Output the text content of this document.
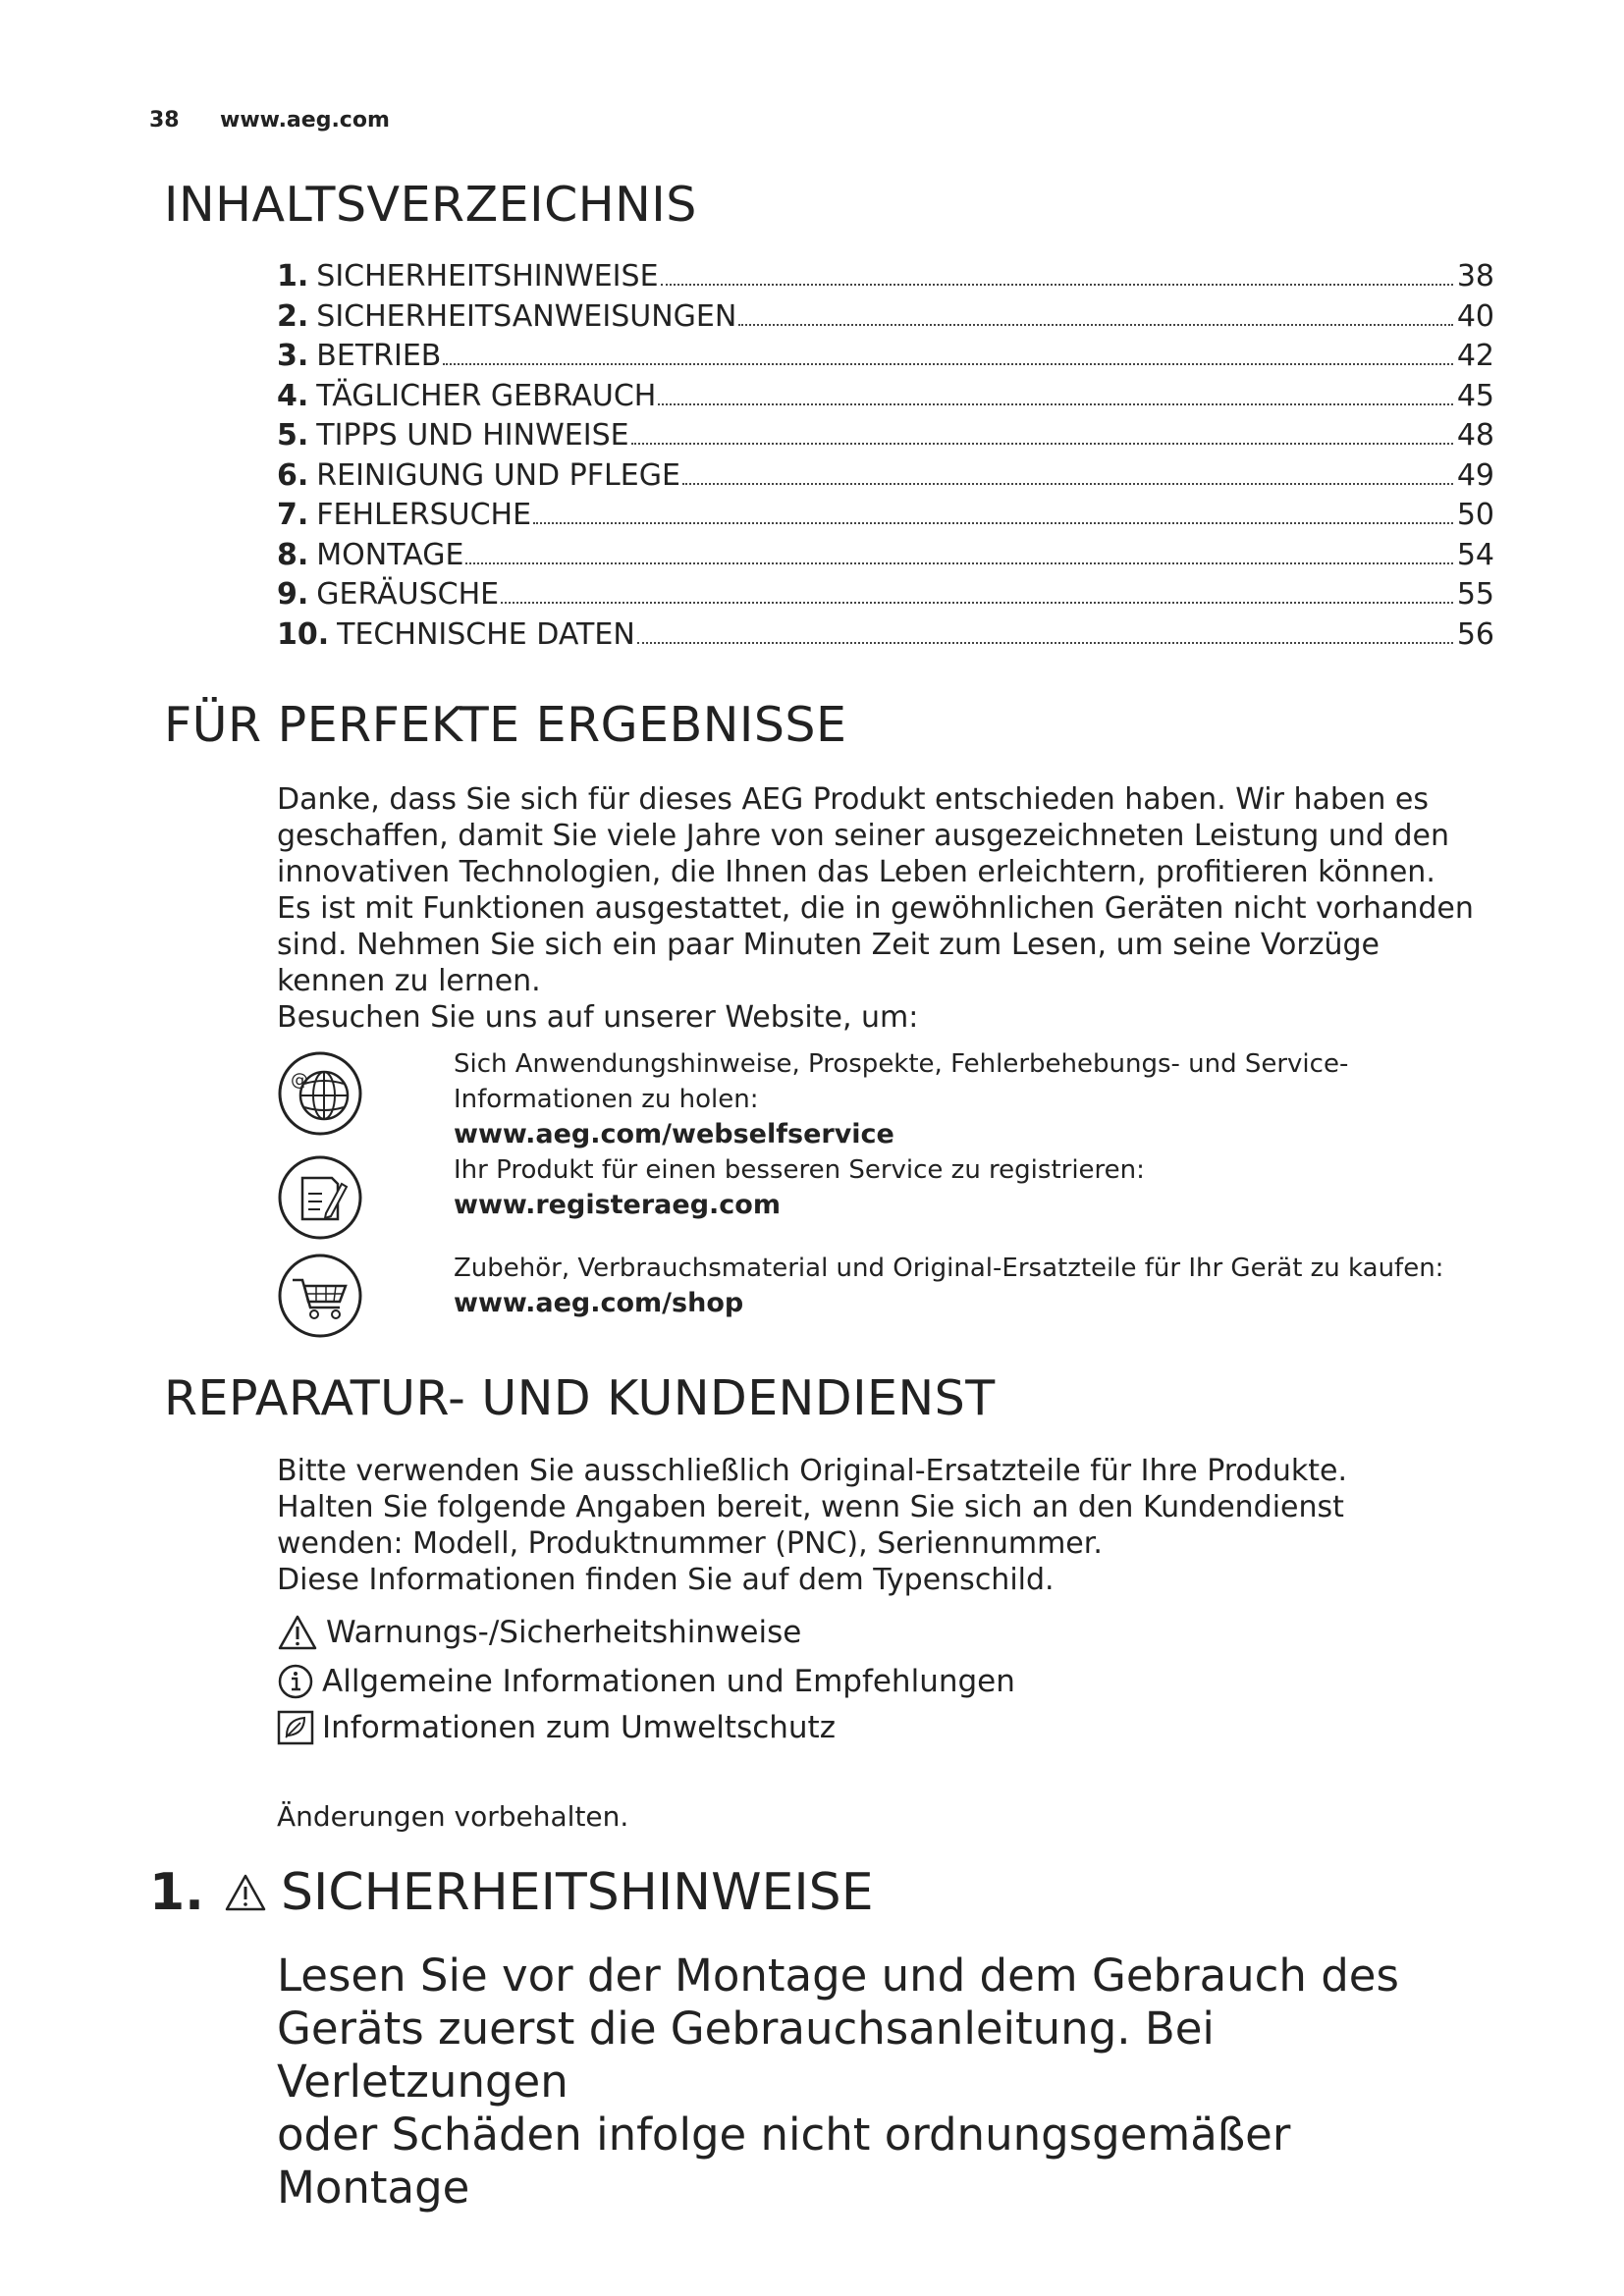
38 www.aeg.com
INHALTSVERZEICHNIS
1. SICHERHEITSHINWEISE	38
2. SICHERHEITSANWEISUNGEN	40
3. BETRIEB	42
4. TÄGLICHER GEBRAUCH	45
5. TIPPS UND HINWEISE	48
6. REINIGUNG UND PFLEGE	49
7. FEHLERSUCHE	50
8. MONTAGE	54
9. GERÄUSCHE	55
10. TECHNISCHE DATEN	56
FÜR PERFEKTE ERGEBNISSE

Danke, dass Sie sich für dieses AEG Produkt entschieden haben. Wir haben es

geschaffen, damit Sie viele Jahre von seiner ausgezeichneten Leistung und den

innovativen Technologien, die Ihnen das Leben erleichtern, profitieren können.

Es ist mit Funktionen ausgestattet, die in gewöhnlichen Geräten nicht vorhanden

sind. Nehmen Sie sich ein paar Minuten Zeit zum Lesen, um seine Vorzüge

kennen zu lernen.

Besuchen Sie uns auf unserer Website, um:

@
Sich Anwendungshinweise, Prospekte, Fehlerbehebungs- und Service-
Informationen zu holen:
www.aeg.com/webselfservice
Ihr Produkt für einen besseren Service zu registrieren:
www.registeraeg.com
Zubehör, Verbrauchsmaterial und Original-Ersatzteile für Ihr Gerät zu kaufen:
www.aeg.com/shop
REPARATUR- UND KUNDENDIENST

Bitte verwenden Sie ausschließlich Original-Ersatzteile für Ihre Produkte.

Halten Sie folgende Angaben bereit, wenn Sie sich an den Kundendienst

wenden: Modell, Produktnummer (PNC), Seriennummer.

Diese Informationen finden Sie auf dem Typenschild.

Warnungs-/Sicherheitshinweise
Allgemeine Informationen und Empfehlungen
Informationen zum Umweltschutz
Änderungen vorbehalten.
1. SICHERHEITSHINWEISE
Lesen Sie vor der Montage und dem Gebrauch des
Geräts zuerst die Gebrauchsanleitung. Bei Verletzungen
oder Schäden infolge nicht ordnungsgemäßer Montage
